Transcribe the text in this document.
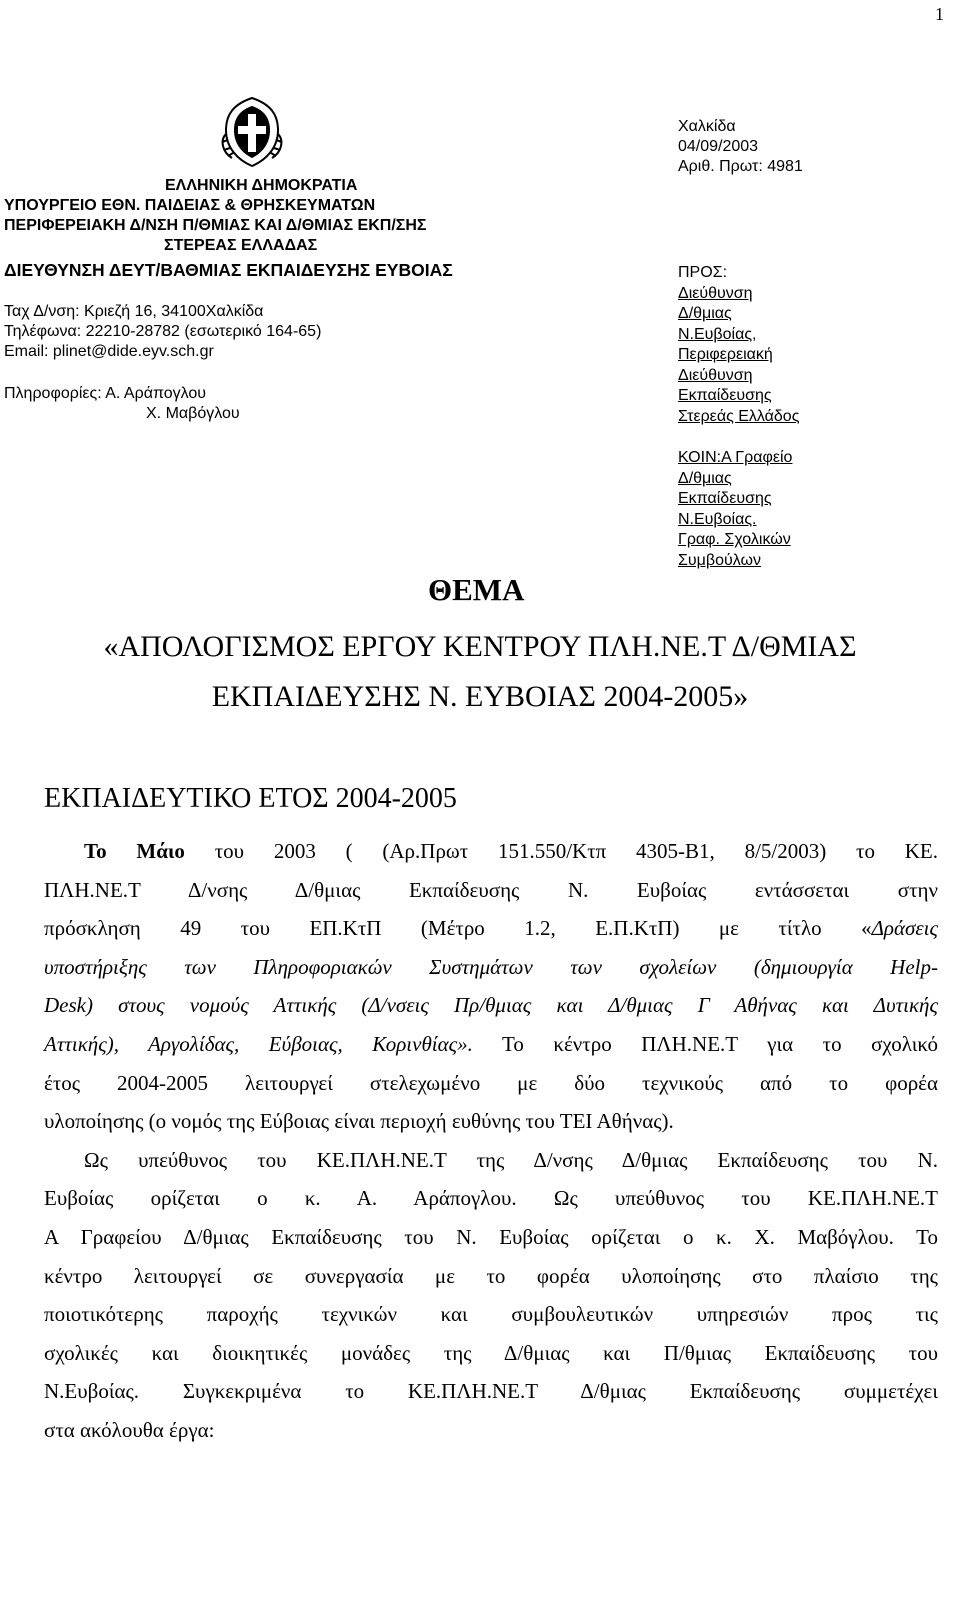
1
ΕΛΛΗΝΙΚΗ ΔΗΜΟΚΡΑΤΙΑ
ΥΠΟΥΡΓΕΙΟ ΕΘΝ. ΠΑΙΔΕΙΑΣ & ΘΡΗΣΚΕΥΜΑΤΩΝ
ΠΕΡΙΦΕΡΕΙΑΚΗ Δ/ΝΣΗ Π/ΘΜΙΑΣ ΚΑΙ Δ/ΘΜΙΑΣ ΕΚΠ/ΣΗΣ
ΣΤΕΡΕΑΣ ΕΛΛΑΔΑΣ
ΔΙΕΥΘΥΝΣΗ ΔΕΥΤ/ΒΑΘΜΙΑΣ ΕΚΠΑΙΔΕΥΣΗΣ ΕΥΒΟΙΑΣ
Ταχ Δ/νση: Κριεζή 16, 34100Χαλκίδα
Τηλέφωνα: 22210-28782 (εσωτερικό 164-65)
Email: plinet@dide.eyv.sch.gr
Πληροφορίες: Α. Αράπογλου
Χ. Μαβόγλου
Χαλκίδα
04/09/2003
Αριθ. Πρωτ: 4981
ΠΡΟΣ:
Διεύθυνση
Δ/θμιας
Ν.Ευβοίας,
Περιφερειακή
Διεύθυνση
Εκπαίδευσης
Στερεάς Ελλάδος
ΚΟΙΝ:Α Γραφείο
Δ/θμιας
Εκπαίδευσης
Ν.Ευβοίας.
Γραφ. Σχολικών
Συμβούλων
ΘΕΜΑ
«ΑΠΟΛΟΓΙΣΜΟΣ ΕΡΓΟΥ ΚΕΝΤΡΟΥ ΠΛΗ.ΝΕ.Τ Δ/ΘΜΙΑΣ
ΕΚΠΑΙΔΕΥΣΗΣ Ν. ΕΥΒΟΙΑΣ 2004-2005»
ΕΚΠΑΙΔΕΥΤΙΚΟ ΕΤΟΣ 2004-2005
Το Μάιο του 2003 ( (Αρ.Πρωτ 151.550/Κτπ 4305-Β1, 8/5/2003) το ΚΕ.
ΠΛΗ.ΝΕ.Τ Δ/νσης Δ/θμιας Εκπαίδευσης Ν. Ευβοίας εντάσσεται στην
πρόσκληση 49 του ΕΠ.ΚτΠ (Μέτρο 1.2, Ε.Π.ΚτΠ) με τίτλο «Δράσεις
υποστήριξης των Πληροφοριακών Συστημάτων των σχολείων (δημιουργία Help-
Desk) στους νομούς Αττικής (Δ/νσεις Πρ/θμιας και Δ/θμιας Γ Αθήνας και Δυτικής
Αττικής), Αργολίδας, Εύβοιας, Κορινθίας». Το κέντρο ΠΛΗ.ΝΕ.Τ για το σχολικό
έτος 2004-2005 λειτουργεί στελεχωμένο με δύο τεχνικούς από το φορέα
υλοποίησης (ο νομός της Εύβοιας είναι περιοχή ευθύνης του ΤΕΙ Αθήνας).
Ως υπεύθυνος του ΚΕ.ΠΛΗ.ΝΕ.Τ της Δ/νσης Δ/θμιας Εκπαίδευσης του Ν.
Ευβοίας ορίζεται ο κ. Α. Αράπογλου. Ως υπεύθυνος του ΚΕ.ΠΛΗ.ΝΕ.Τ
Α Γραφείου Δ/θμιας Εκπαίδευσης του Ν. Ευβοίας ορίζεται ο κ. Χ. Μαβόγλου. Το
κέντρο λειτουργεί σε συνεργασία με το φορέα υλοποίησης στο πλαίσιο της
ποιοτικότερης παροχής τεχνικών και συμβουλευτικών υπηρεσιών προς τις
σχολικές και διοικητικές μονάδες της Δ/θμιας και Π/θμιας Εκπαίδευσης του
Ν.Ευβοίας. Συγκεκριμένα το ΚΕ.ΠΛΗ.ΝΕ.Τ Δ/θμιας Εκπαίδευσης συμμετέχει
στα ακόλουθα έργα:
